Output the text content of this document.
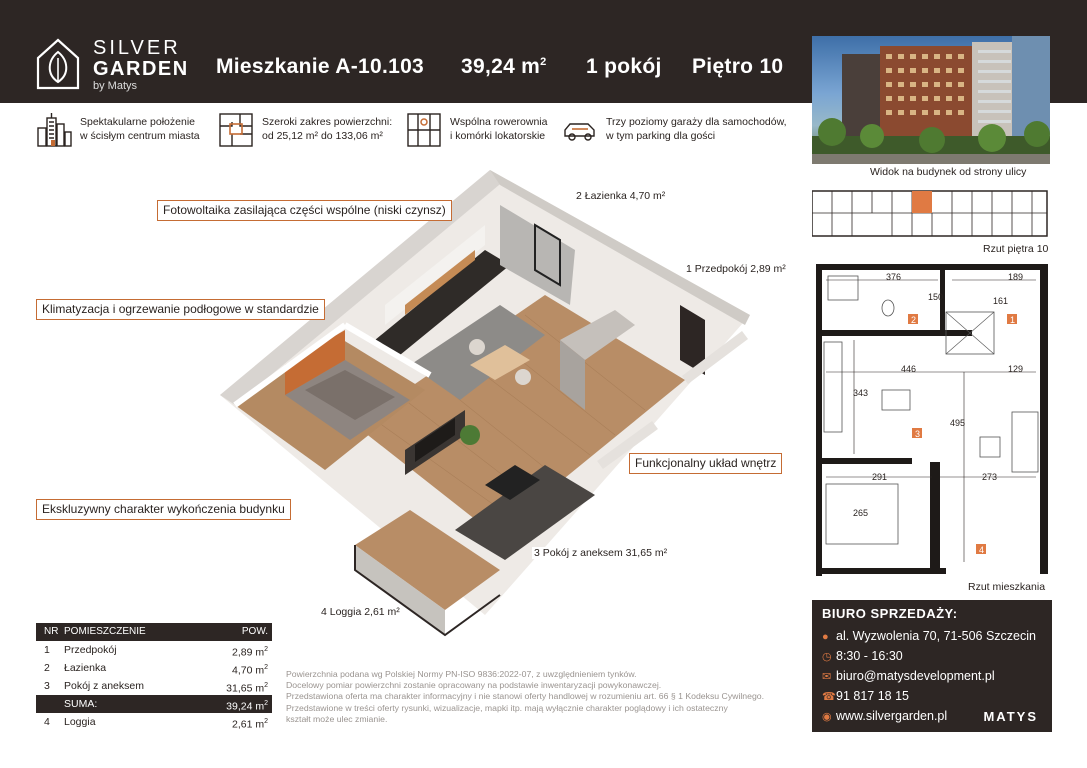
SILVER
GARDEN
by Matys
Mieszkanie A-10.103 39,24 $m^2$ 1 pokój Piętro 10
Spektakularne położenie
w ścisłym centrum miasta
Szeroki zakres powierzchni:
od 25,12 m² do 133,06 m²
Wspólna rowerownia
i komórki lokatorskie
Trzy poziomy garaży dla samochodów,
w tym parking dla gości
Widok na budynek od strony ulicy
Fotowoltaika zasilająca części wspólne (niski czynsz)
Klimatyzacja i ogrzewanie podłogowe w standardzie
Funkcjonalny układ wnętrz
Ekskluzywny charakter wykończenia budynku
2 Łazienka 4,70 m²
1 Przedpokój 2,89 m²
3 Pokój z aneksem 31,65 m²
4 Loggia 2,61 m²
Rzut piętra 10
376	189
150	161
446	129
343
495
291	273
265
2	1
3
4
Rzut mieszkania
NR POMIESZCZENIE	POW.
1 Przedpokój	2,89 $m^2$
2 Łazienka	4,70 $m^2$
3 Pokój z aneksem	31,65 $m^2$
SUMA:	39,24 $m^2$
4 Loggia	2,61 $m^2$
Powierzchnia podana wg Polskiej Normy PN-ISO 9836:2022-07, z uwzględnieniem tynków.
Docelowy pomiar powierzchni zostanie opracowany na podstawie inwentaryzacji powykonawczej.
Przedstawiona oferta ma charakter informacyjny i nie stanowi oferty handlowej w rozumieniu art. 66 § 1 Kodeksu Cywilnego.
Przedstawione w treści oferty rysunki, wizualizacje, mapki itp. mają wyłącznie charakter poglądowy i ich ostateczny
kształt może ulec zmianie.
BIURO SPRZEDAŻY:
● al. Wyzwolenia 70, 71-506 Szczecin
◷ 8:30 - 16:30
✉ biuro@matysdevelopment.pl
☎91 817 18 15
◉ www.silvergarden.pl	MATYS
